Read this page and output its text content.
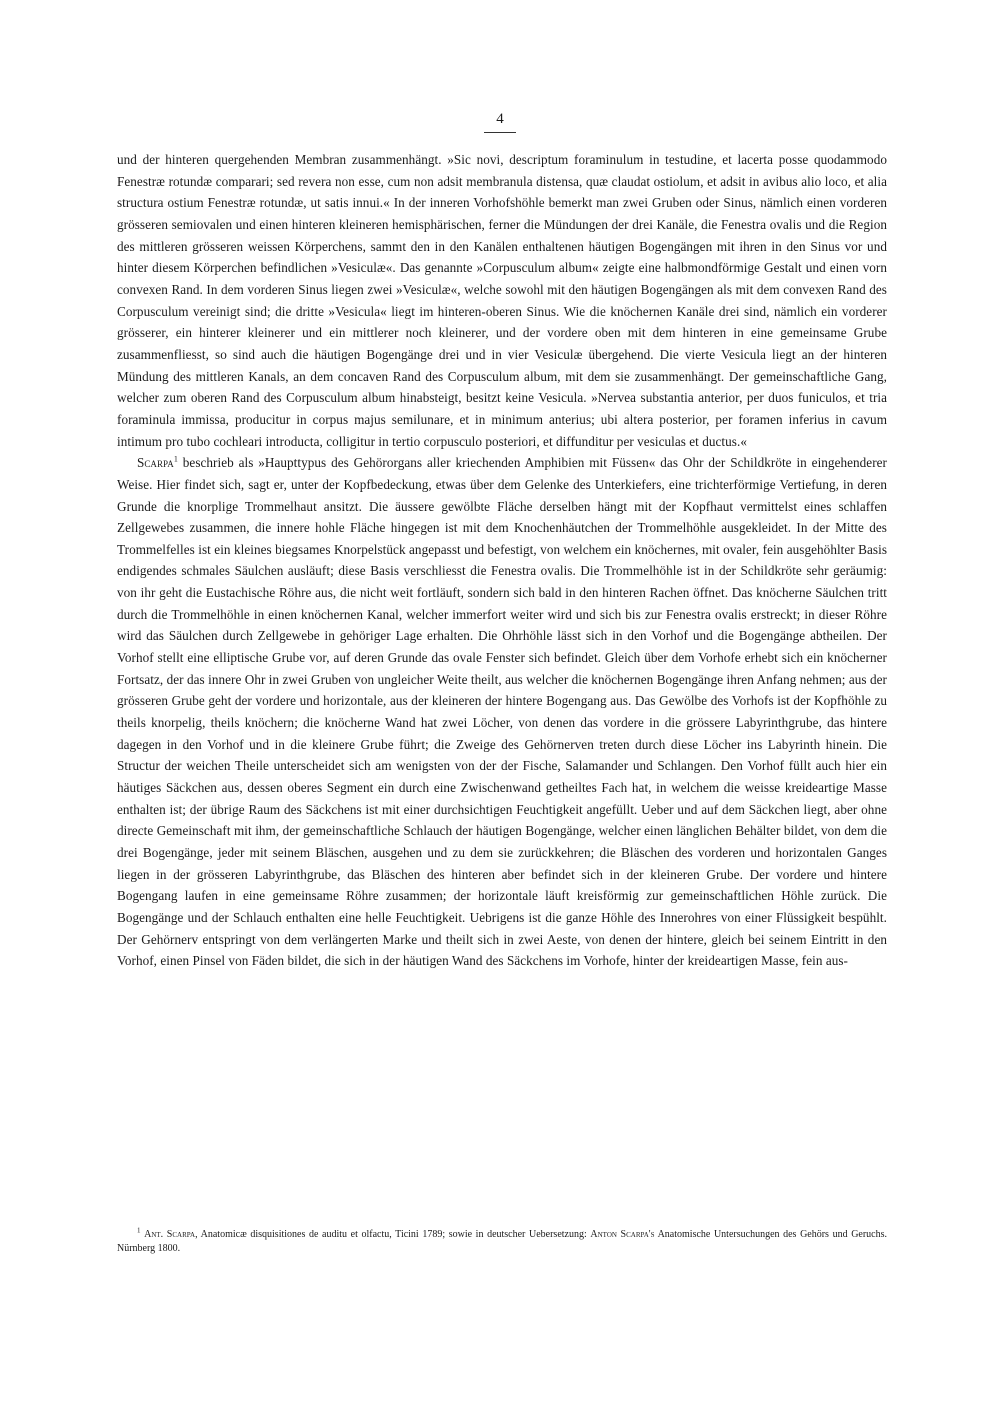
4

und der hinteren quergehenden Membran zusammenhängt. »Sic novi, descriptum foraminulum in testudine, et lacerta posse quodammodo Fenestræ rotundæ comparari; sed revera non esse, cum non adsit membranula distensa, quæ claudat ostiolum, et adsit in avibus alio loco, et alia structura ostium Fenestræ rotundæ, ut satis innui.« In der inneren Vorhofshöhle bemerkt man zwei Gruben oder Sinus, nämlich einen vorderen grösseren semiovalen und einen hinteren kleineren hemisphärischen, ferner die Mündungen der drei Kanäle, die Fenestra ovalis und die Region des mittleren grösseren weissen Körperchens, sammt den in den Kanälen enthaltenen häutigen Bogengängen mit ihren in den Sinus vor und hinter diesem Körperchen befindlichen »Vesiculæ«. Das genannte »Corpusculum album« zeigte eine halbmondförmige Gestalt und einen vorn convexen Rand. In dem vorderen Sinus liegen zwei »Vesiculæ«, welche sowohl mit den häutigen Bogengängen als mit dem convexen Rand des Corpusculum vereinigt sind; die dritte »Vesicula« liegt im hinteren-oberen Sinus. Wie die knöchernen Kanäle drei sind, nämlich ein vorderer grösserer, ein hinterer kleinerer und ein mittlerer noch kleinerer, und der vordere oben mit dem hinteren in eine gemeinsame Grube zusammenfliesst, so sind auch die häutigen Bogengänge drei und in vier Vesiculæ übergehend. Die vierte Vesicula liegt an der hinteren Mündung des mittleren Kanals, an dem concaven Rand des Corpusculum album, mit dem sie zusammenhängt. Der gemeinschaftliche Gang, welcher zum oberen Rand des Corpusculum album hinabsteigt, besitzt keine Vesicula. »Nervea substantia anterior, per duos funiculos, et tria foraminula immissa, producitur in corpus majus semilunare, et in minimum anterius; ubi altera posterior, per foramen inferius in cavum intimum pro tubo cochleari introducta, colligitur in tertio corpusculo posteriori, et diffunditur per vesiculas et ductus.«

Scarpa$^1$ beschrieb als »Haupttypus des Gehörorgans aller kriechenden Amphibien mit Füssen« das Ohr der Schildkröte in eingehenderer Weise. Hier findet sich, sagt er, unter der Kopfbedeckung, etwas über dem Gelenke des Unterkiefers, eine trichterförmige Vertiefung, in deren Grunde die knorplige Trommelhaut ansitzt. Die äussere gewölbte Fläche derselben hängt mit der Kopfhaut vermittelst eines schlaffen Zellgewebes zusammen, die innere hohle Fläche hingegen ist mit dem Knochenhäutchen der Trommelhöhle ausgekleidet. In der Mitte des Trommelfelles ist ein kleines biegsames Knorpelstück angepasst und befestigt, von welchem ein knöchernes, mit ovaler, fein ausgehöhlter Basis endigendes schmales Säulchen ausläuft; diese Basis verschliesst die Fenestra ovalis. Die Trommelhöhle ist in der Schildkröte sehr geräumig: von ihr geht die Eustachische Röhre aus, die nicht weit fortläuft, sondern sich bald in den hinteren Rachen öffnet. Das knöcherne Säulchen tritt durch die Trommelhöhle in einen knöchernen Kanal, welcher immerfort weiter wird und sich bis zur Fenestra ovalis erstreckt; in dieser Röhre wird das Säulchen durch Zellgewebe in gehöriger Lage erhalten. Die Ohrhöhle lässt sich in den Vorhof und die Bogengänge abtheilen. Der Vorhof stellt eine elliptische Grube vor, auf deren Grunde das ovale Fenster sich befindet. Gleich über dem Vorhofe erhebt sich ein knöcherner Fortsatz, der das innere Ohr in zwei Gruben von ungleicher Weite theilt, aus welcher die knöchernen Bogengänge ihren Anfang nehmen; aus der grösseren Grube geht der vordere und horizontale, aus der kleineren der hintere Bogengang aus. Das Gewölbe des Vorhofs ist der Kopfhöhle zu theils knorpelig, theils knöchern; die knöcherne Wand hat zwei Löcher, von denen das vordere in die grössere Labyrinthgrube, das hintere dagegen in den Vorhof und in die kleinere Grube führt; die Zweige des Gehörnerven treten durch diese Löcher ins Labyrinth hinein. Die Structur der weichen Theile unterscheidet sich am wenigsten von der der Fische, Salamander und Schlangen. Den Vorhof füllt auch hier ein häutiges Säckchen aus, dessen oberes Segment ein durch eine Zwischenwand getheiltes Fach hat, in welchem die weisse kreideartige Masse enthalten ist; der übrige Raum des Säckchens ist mit einer durchsichtigen Feuchtigkeit angefüllt. Ueber und auf dem Säckchen liegt, aber ohne directe Gemeinschaft mit ihm, der gemeinschaftliche Schlauch der häutigen Bogengänge, welcher einen länglichen Behälter bildet, von dem die drei Bogengänge, jeder mit seinem Bläschen, ausgehen und zu dem sie zurückkehren; die Bläschen des vorderen und horizontalen Ganges liegen in der grösseren Labyrinthgrube, das Bläschen des hinteren aber befindet sich in der kleineren Grube. Der vordere und hintere Bogengang laufen in eine gemeinsame Röhre zusammen; der horizontale läuft kreisförmig zur gemeinschaftlichen Höhle zurück. Die Bogengänge und der Schlauch enthalten eine helle Feuchtigkeit. Uebrigens ist die ganze Höhle des Innerohres von einer Flüssigkeit bespühlt. Der Gehörnerv entspringt von dem verlängerten Marke und theilt sich in zwei Aeste, von denen der hintere, gleich bei seinem Eintritt in den Vorhof, einen Pinsel von Fäden bildet, die sich in der häutigen Wand des Säckchens im Vorhofe, hinter der kreideartigen Masse, fein aus-

$^1$ Ant. Scarpa, Anatomicæ disquisitiones de auditu et olfactu, Ticini 1789; sowie in deutscher Uebersetzung: Anton Scarpa's Anatomische Untersuchungen des Gehörs und Geruchs. Nürnberg 1800.
